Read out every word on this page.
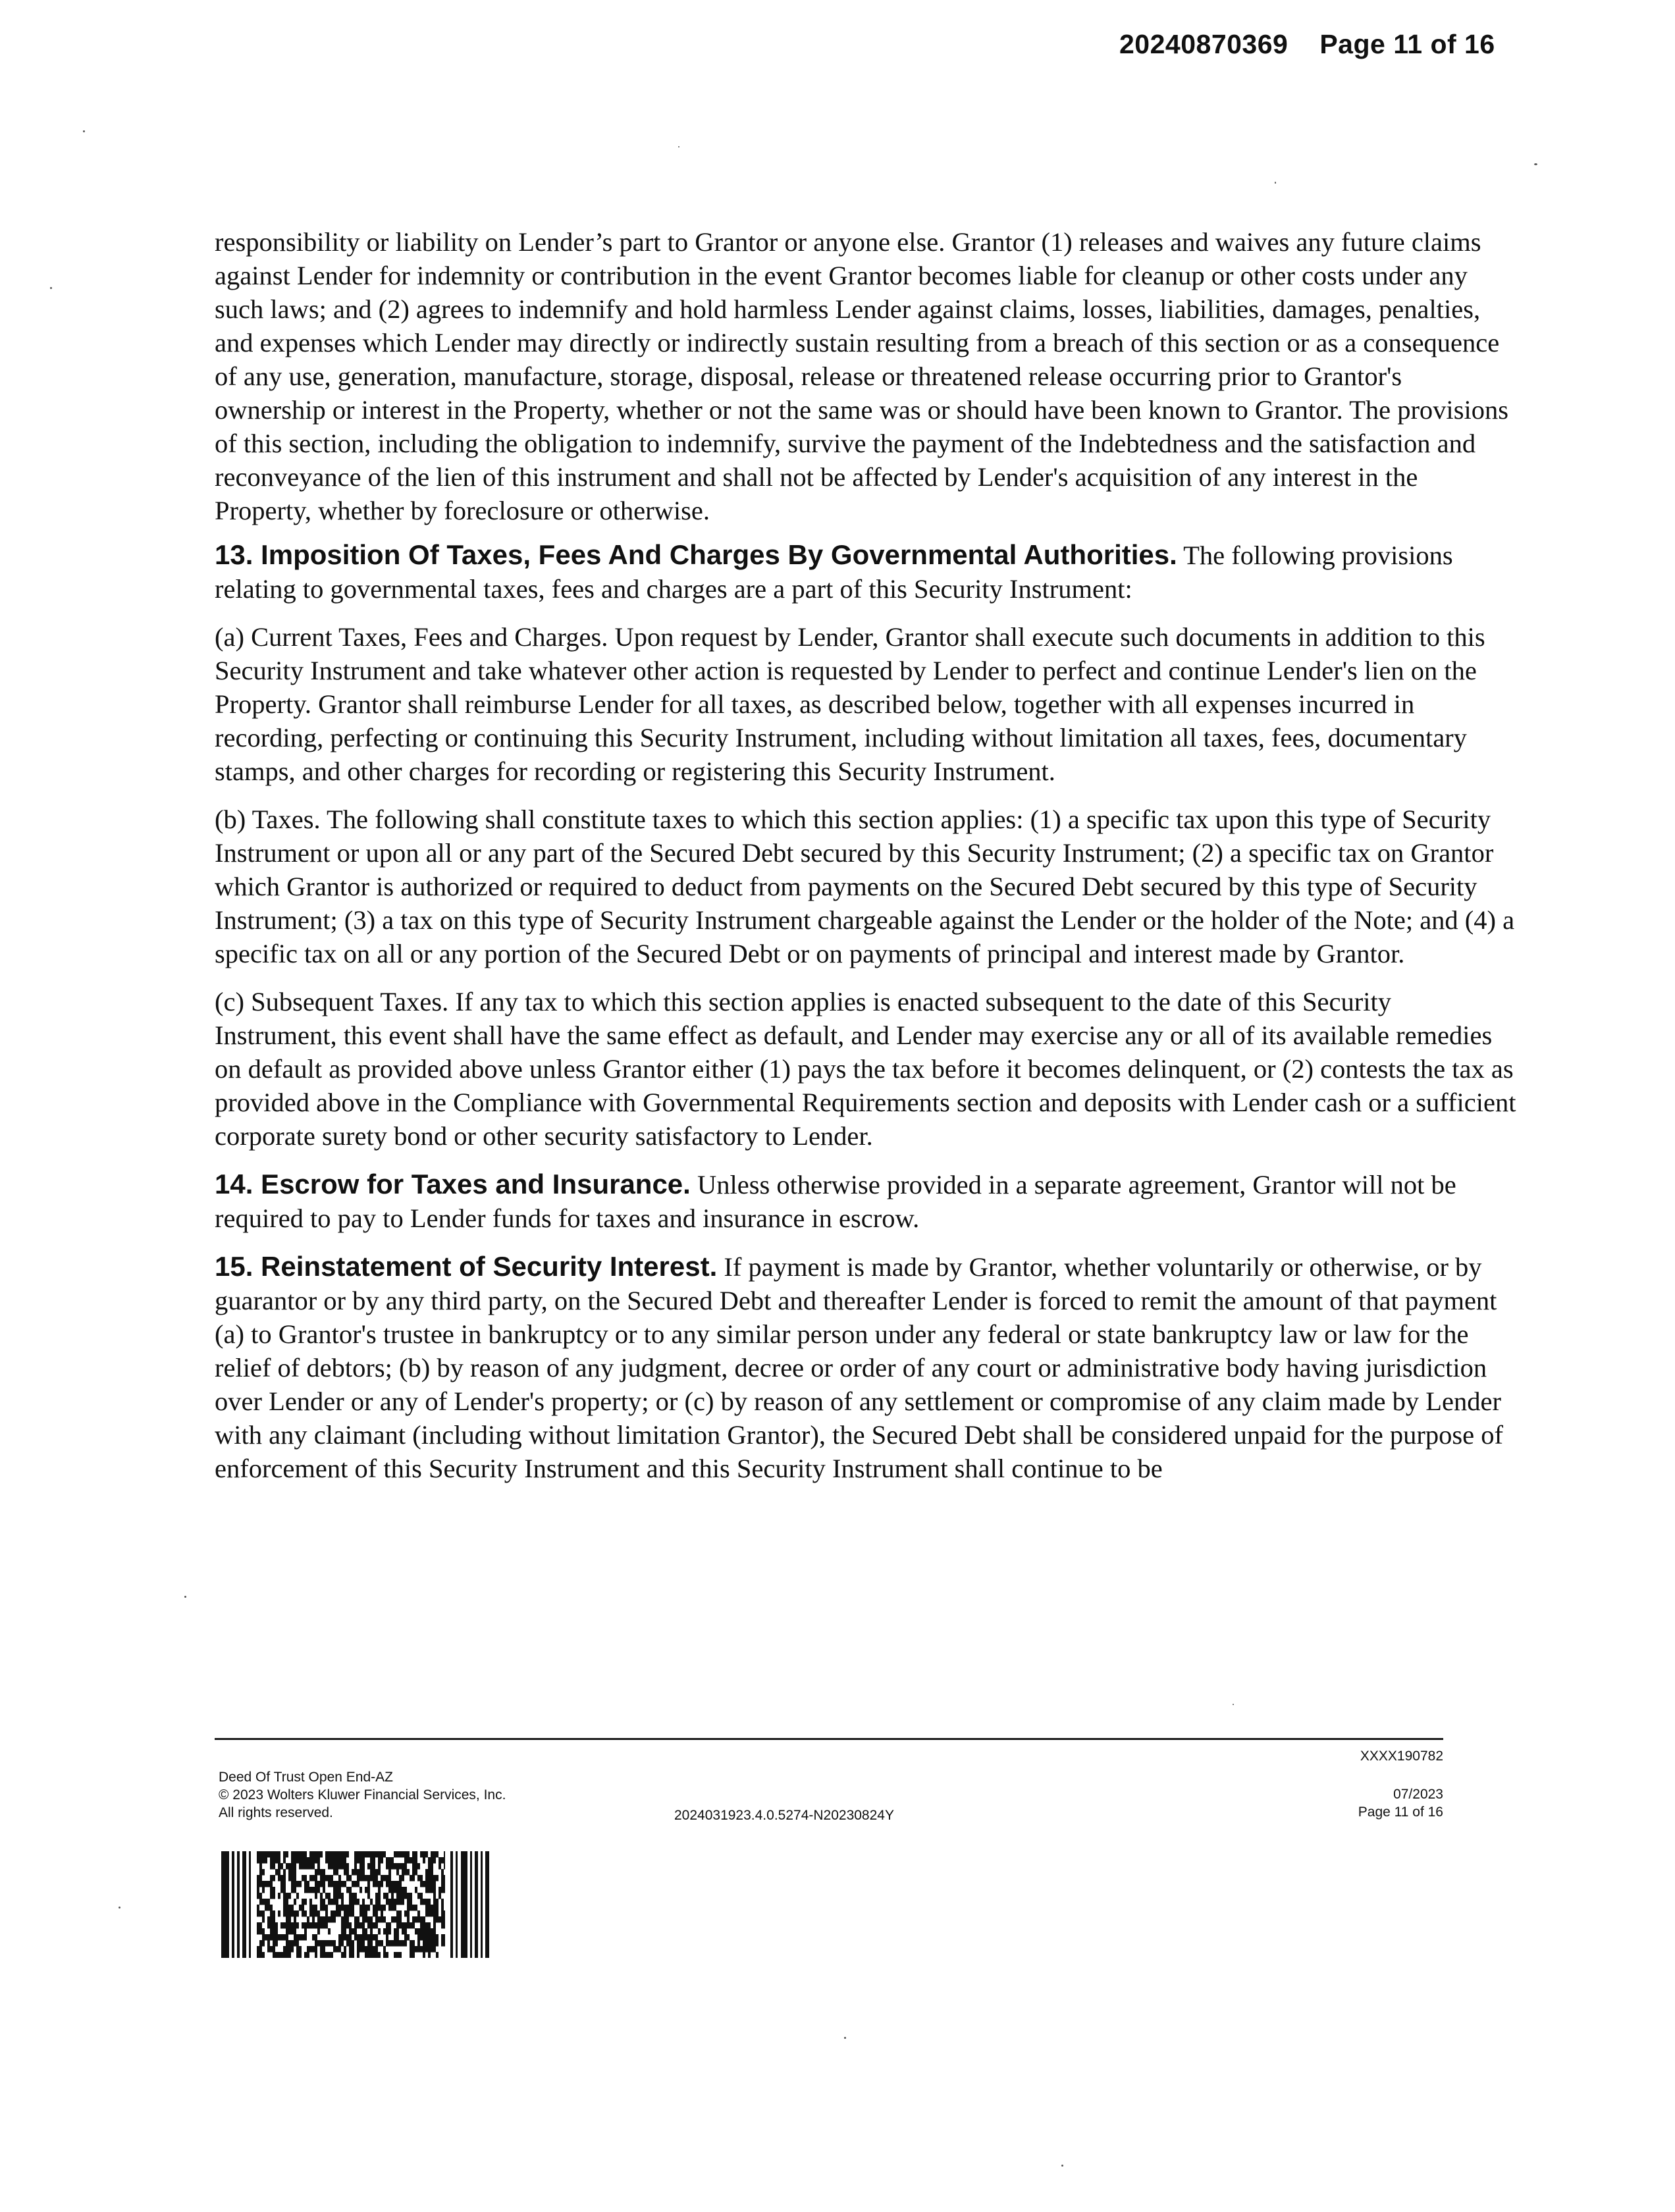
20240870369 Page 11 of 16

responsibility or liability on Lender’s part to Grantor or anyone else. Grantor (1) releases and waives any future claims against Lender for indemnity or contribution in the event Grantor becomes liable for cleanup or other costs under any such laws; and (2) agrees to indemnify and hold harmless Lender against claims, losses, liabilities, damages, penalties, and expenses which Lender may directly or indirectly sustain resulting from a breach of this section or as a consequence of any use, generation, manufacture, storage, disposal, release or threatened release occurring prior to Grantor's ownership or interest in the Property, whether or not the same was or should have been known to Grantor. The provisions of this section, including the obligation to indemnify, survive the payment of the Indebtedness and the satisfaction and reconveyance of the lien of this instrument and shall not be affected by Lender's acquisition of any interest in the Property, whether by foreclosure or otherwise.

13. Imposition Of Taxes, Fees And Charges By Governmental Authorities. The following provisions relating to governmental taxes, fees and charges are a part of this Security Instrument:

(a) Current Taxes, Fees and Charges. Upon request by Lender, Grantor shall execute such documents in addition to this Security Instrument and take whatever other action is requested by Lender to perfect and continue Lender's lien on the Property. Grantor shall reimburse Lender for all taxes, as described below, together with all expenses incurred in recording, perfecting or continuing this Security Instrument, including without limitation all taxes, fees, documentary stamps, and other charges for recording or registering this Security Instrument.

(b) Taxes. The following shall constitute taxes to which this section applies: (1) a specific tax upon this type of Security Instrument or upon all or any part of the Secured Debt secured by this Security Instrument; (2) a specific tax on Grantor which Grantor is authorized or required to deduct from payments on the Secured Debt secured by this type of Security Instrument; (3) a tax on this type of Security Instrument chargeable against the Lender or the holder of the Note; and (4) a specific tax on all or any portion of the Secured Debt or on payments of principal and interest made by Grantor.

(c) Subsequent Taxes. If any tax to which this section applies is enacted subsequent to the date of this Security Instrument, this event shall have the same effect as default, and Lender may exercise any or all of its available remedies on default as provided above unless Grantor either (1) pays the tax before it becomes delinquent, or (2) contests the tax as provided above in the Compliance with Governmental Requirements section and deposits with Lender cash or a sufficient corporate surety bond or other security satisfactory to Lender.

14. Escrow for Taxes and Insurance. Unless otherwise provided in a separate agreement, Grantor will not be required to pay to Lender funds for taxes and insurance in escrow.

15. Reinstatement of Security Interest. If payment is made by Grantor, whether voluntarily or otherwise, or by guarantor or by any third party, on the Secured Debt and thereafter Lender is forced to remit the amount of that payment (a) to Grantor's trustee in bankruptcy or to any similar person under any federal or state bankruptcy law or law for the relief of debtors; (b) by reason of any judgment, decree or order of any court or administrative body having jurisdiction over Lender or any of Lender's property; or (c) by reason of any settlement or compromise of any claim made by Lender with any claimant (including without limitation Grantor), the Secured Debt shall be considered unpaid for the purpose of enforcement of this Security Instrument and this Security Instrument shall continue to be

Deed Of Trust Open End-AZ
© 2023 Wolters Kluwer Financial Services, Inc.
All rights reserved.	2024031923.4.0.5274-N20230824Y
XXXX190782
07/2023
Page 11 of 16
